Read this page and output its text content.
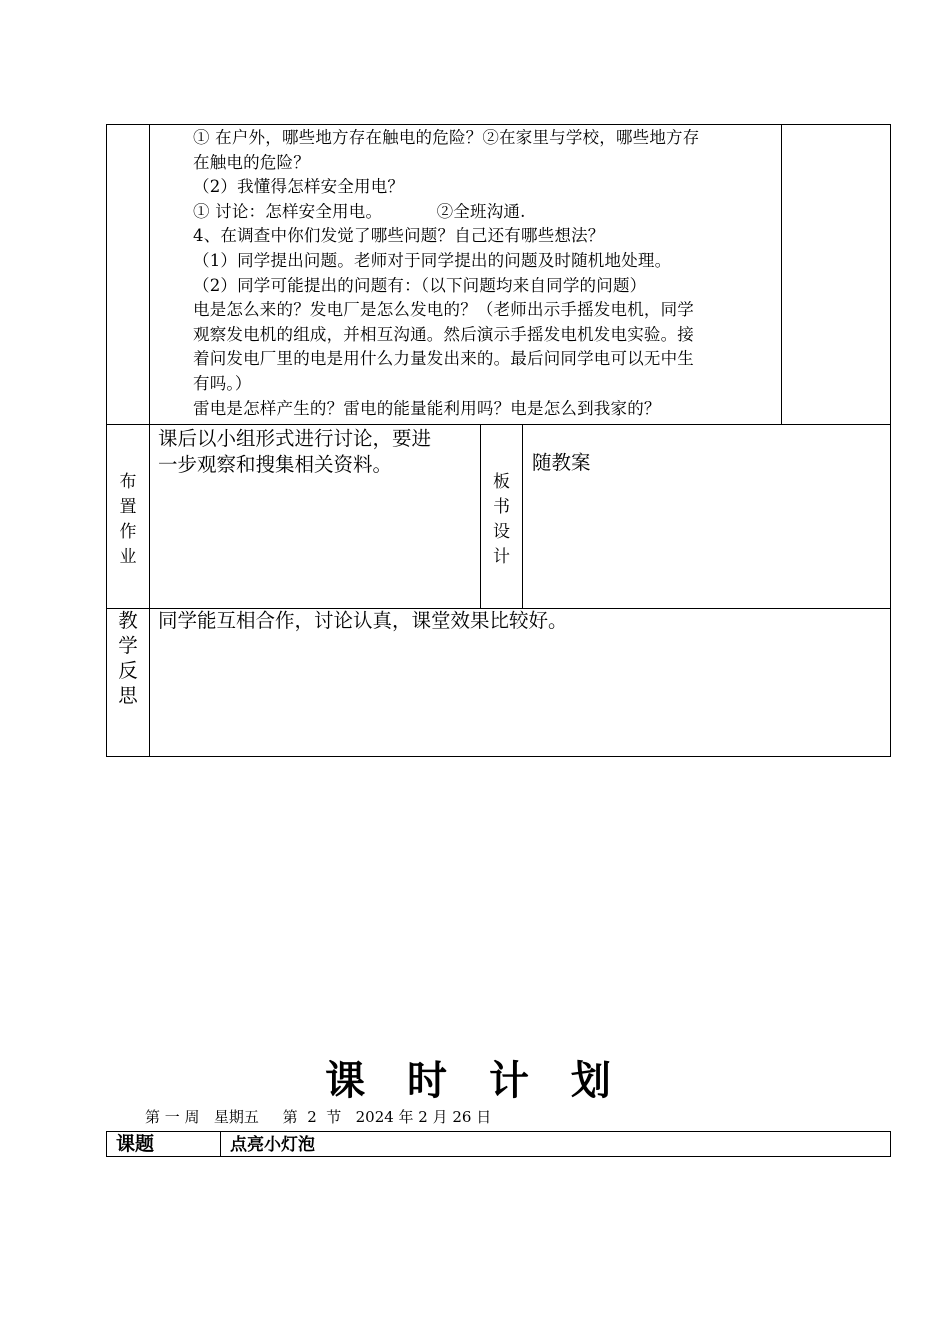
① 在户外，哪些地方存在触电的危险？②在家里与学校，哪些地方存
在触电的危险？
（2）我懂得怎样安全用电？
① 讨论：怎样安全用电。          ②全班沟通.
4、在调查中你们发觉了哪些问题？自己还有哪些想法？
（1）同学提出问题。老师对于同学提出的问题及时随机地处理。
（2）同学可能提出的问题有：（以下问题均来自同学的问题）
电是怎么来的？发电厂是怎么发电的？（老师出示手摇发电机，同学
观察发电机的组成，并相互沟通。然后演示手摇发电机发电实验。接
着问发电厂里的电是用什么力量发出来的。最后问同学电可以无中生
有吗。）
雷电是怎样产生的？雷电的能量能利用吗？电是怎么到我家的？
布
置
作
业
课后以小组形式进行讨论，要进
一步观察和搜集相关资料。
板
书
设
计
随教案
教
学
反
思
同学能互相合作，讨论认真，课堂效果比较好。
课 时 计 划
第 一 周   星期五     第  2  节   2024 年 2 月 26 日
课题	点亮小灯泡
